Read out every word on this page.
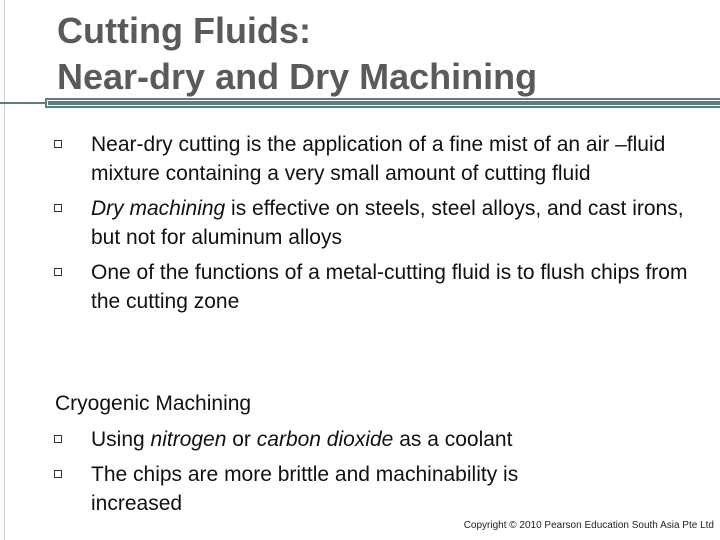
Cutting Fluids:
Near-dry and Dry Machining
Near-dry cutting is the application of a fine mist of an air –fluid mixture containing a very small amount of cutting fluid
Dry machining is effective on steels, steel alloys, and cast irons, but not for aluminum alloys
One of the functions of a metal-cutting fluid is to flush chips from the cutting zone
Cryogenic Machining
Using nitrogen or carbon dioxide as a coolant
The chips are more brittle and machinability is increased
Copyright © 2010 Pearson Education South Asia Pte Ltd
